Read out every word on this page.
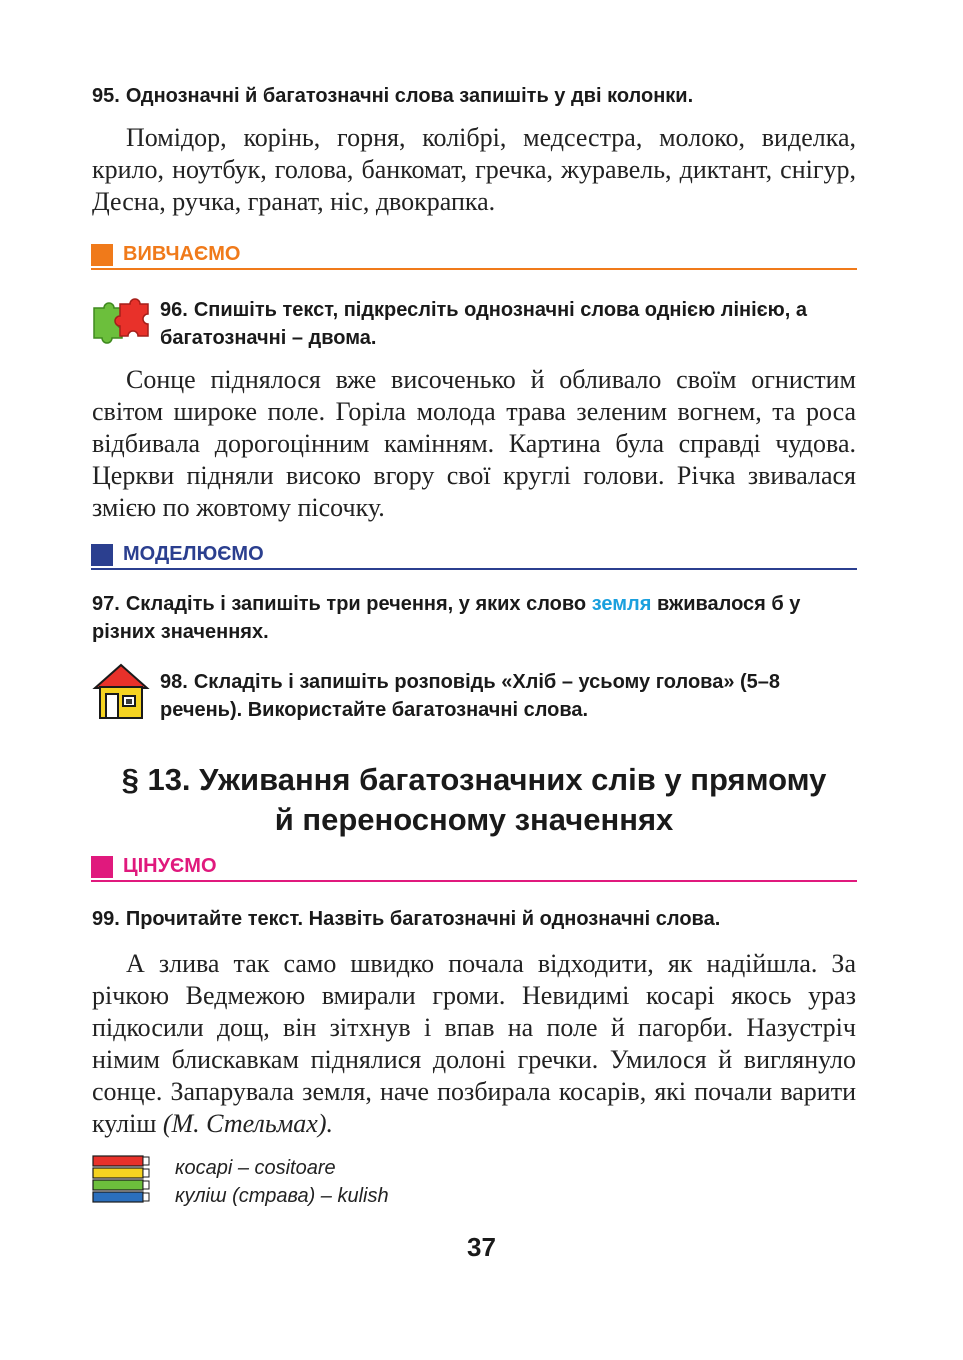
95. Однозначні й багатозначні слова запишіть у дві колонки.

Помідор, корінь, горня, колібрі, медсестра, молоко, виделка, крило, ноутбук, голова, банкомат, гречка, журавель, диктант, снігур, Десна, ручка, гранат, ніс, двокрапка.

ВИВЧАЄМО
96. Спишіть текст, підкресліть однозначні слова однією лінією, а багатозначні – двома.

Сонце піднялося вже височенько й обливало своїм огнистим світом широке поле. Горіла молода трава зеленим вогнем, та роса відбивала дорогоцінним камінням. Картина була справді чудова. Церкви підняли високо вгору свої круглі голови. Річка звивалася змією по жовтому пісочку.

МОДЕЛЮЄМО
97. Складіть і запишіть три речення, у яких слово земля вживалося б у різних значеннях.
98. Складіть і запишіть розповідь «Хліб – усьому голова» (5–8 речень). Використайте багатозначні слова.
§ 13. Уживання багатозначних слів у прямому
й переносному значеннях
ЦІНУЄМО
99. Прочитайте текст. Назвіть багатозначні й однозначні слова.

А злива так само швидко почала відходити, як надійшла. За річкою Ведмежою вмирали громи. Невидимі косарі якось ураз підкосили дощ, він зітхнув і впав на поле й пагорби. Назустріч німим блискавкам піднялися долоні гречки. Умилося й виглянуло сонце. Запарувала земля, наче позбирала косарів, які почали варити куліш (М. Стельмах).

косарі – cositoare
куліш (страва) – kulish
37
